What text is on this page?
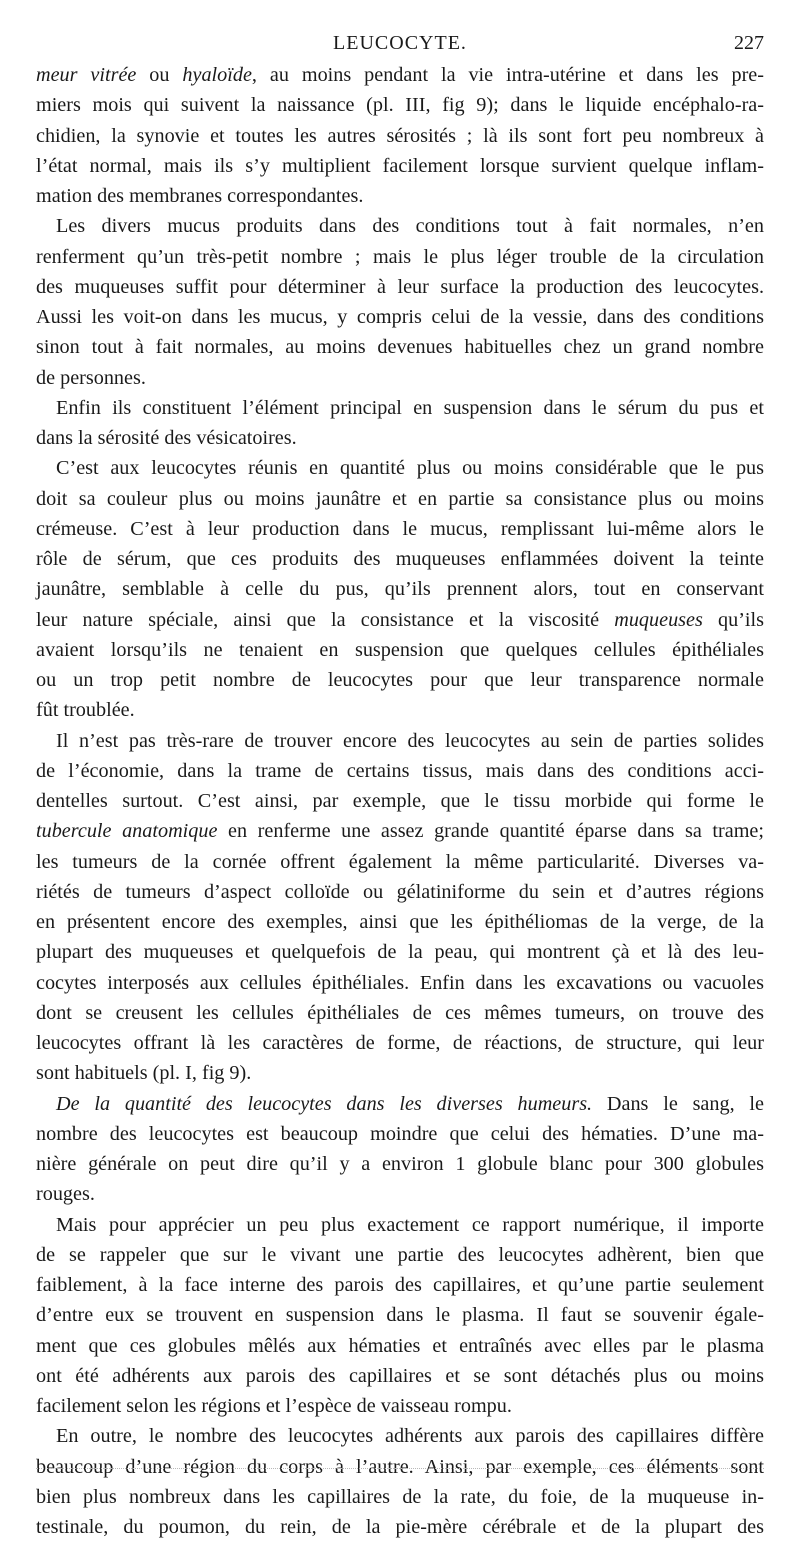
LEUCOCYTE.	227
meur vitrée ou hyaloïde, au moins pendant la vie intra-utérine et dans les pre-
miers mois qui suivent la naissance (pl. III, fig 9); dans le liquide encéphalo-ra-
chidien, la synovie et toutes les autres sérosités ; là ils sont fort peu nombreux à
l’état normal, mais ils s’y multiplient facilement lorsque survient quelque inflam-
mation des membranes correspondantes.
Les divers mucus produits dans des conditions tout à fait normales, n’en
renferment qu’un très-petit nombre ; mais le plus léger trouble de la circulation
des muqueuses suffit pour déterminer à leur surface la production des leucocytes.
Aussi les voit-on dans les mucus, y compris celui de la vessie, dans des conditions
sinon tout à fait normales, au moins devenues habituelles chez un grand nombre
de personnes.
Enfin ils constituent l’élément principal en suspension dans le sérum du pus et
dans la sérosité des vésicatoires.
C’est aux leucocytes réunis en quantité plus ou moins considérable que le pus
doit sa couleur plus ou moins jaunâtre et en partie sa consistance plus ou moins
crémeuse. C’est à leur production dans le mucus, remplissant lui-même alors le
rôle de sérum, que ces produits des muqueuses enflammées doivent la teinte
jaunâtre, semblable à celle du pus, qu’ils prennent alors, tout en conservant
leur nature spéciale, ainsi que la consistance et la viscosité muqueuses qu’ils
avaient lorsqu’ils ne tenaient en suspension que quelques cellules épithéliales
ou un trop petit nombre de leucocytes pour que leur transparence normale
fût troublée.
Il n’est pas très-rare de trouver encore des leucocytes au sein de parties solides
de l’économie, dans la trame de certains tissus, mais dans des conditions acci-
dentelles surtout. C’est ainsi, par exemple, que le tissu morbide qui forme le
tubercule anatomique en renferme une assez grande quantité éparse dans sa trame;
les tumeurs de la cornée offrent également la même particularité. Diverses va-
riétés de tumeurs d’aspect colloïde ou gélatiniforme du sein et d’autres régions
en présentent encore des exemples, ainsi que les épithéliomas de la verge, de la
plupart des muqueuses et quelquefois de la peau, qui montrent çà et là des leu-
cocytes interposés aux cellules épithéliales. Enfin dans les excavations ou vacuoles
dont se creusent les cellules épithéliales de ces mêmes tumeurs, on trouve des
leucocytes offrant là les caractères de forme, de réactions, de structure, qui leur
sont habituels (pl. I, fig 9).
De la quantité des leucocytes dans les diverses humeurs. Dans le sang, le
nombre des leucocytes est beaucoup moindre que celui des hématies. D’une ma-
nière générale on peut dire qu’il y a environ 1 globule blanc pour 300 globules
rouges.
Mais pour apprécier un peu plus exactement ce rapport numérique, il importe
de se rappeler que sur le vivant une partie des leucocytes adhèrent, bien que
faiblement, à la face interne des parois des capillaires, et qu’une partie seulement
d’entre eux se trouvent en suspension dans le plasma. Il faut se souvenir égale-
ment que ces globules mêlés aux hématies et entraînés avec elles par le plasma
ont été adhérents aux parois des capillaires et se sont détachés plus ou moins
facilement selon les régions et l’espèce de vaisseau rompu.
En outre, le nombre des leucocytes adhérents aux parois des capillaires diffère
beaucoup d’une région du corps à l’autre. Ainsi, par exemple, ces éléments sont
bien plus nombreux dans les capillaires de la rate, du foie, de la muqueuse in-
testinale, du poumon, du rein, de la pie-mère cérébrale et de la plupart des
